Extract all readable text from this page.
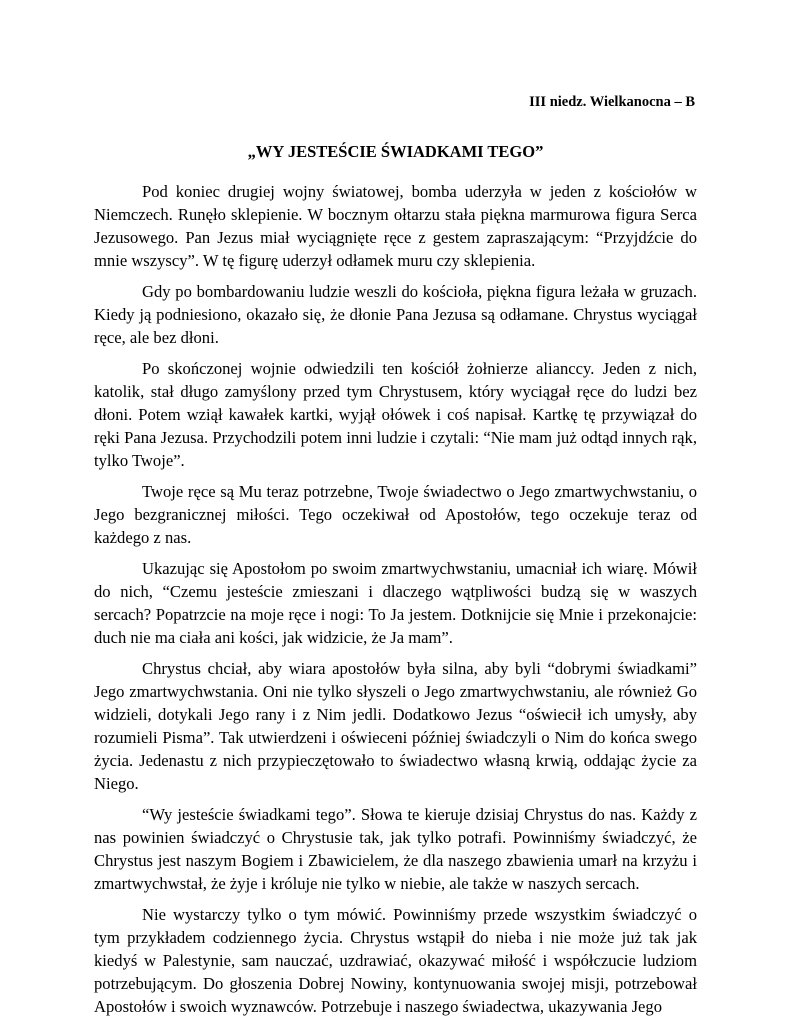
III niedz. Wielkanocna – B
„WY JESTEŚCIE ŚWIADKAMI TEGO”

Pod koniec drugiej wojny światowej, bomba uderzyła w jeden z kościołów w Niemczech. Runęło sklepienie. W bocznym ołtarzu stała piękna marmurowa figura Serca Jezusowego. Pan Jezus miał wyciągnięte ręce z gestem zapraszającym: “Przyjdźcie do mnie wszyscy”. W tę figurę uderzył odłamek muru czy sklepienia.

Gdy po bombardowaniu ludzie weszli do kościoła, piękna figura leżała w gruzach. Kiedy ją podniesiono, okazało się, że dłonie Pana Jezusa są odłamane. Chrystus wyciągał ręce, ale bez dłoni.

Po skończonej wojnie odwiedzili ten kościół żołnierze alianccy. Jeden z nich, katolik, stał długo zamyślony przed tym Chrystusem, który wyciągał ręce do ludzi bez dłoni. Potem wziął kawałek kartki, wyjął ołówek i coś napisał. Kartkę tę przywiązał do ręki Pana Jezusa. Przychodzili potem inni ludzie i czytali: “Nie mam już odtąd innych rąk, tylko Twoje”.

Twoje ręce są Mu teraz potrzebne, Twoje świadectwo o Jego zmartwychwstaniu, o Jego bezgranicznej miłości. Tego oczekiwał od Apostołów, tego oczekuje teraz od każdego z nas.

Ukazując się Apostołom po swoim zmartwychwstaniu, umacniał ich wiarę. Mówił do nich, “Czemu jesteście zmieszani i dlaczego wątpliwości budzą się w waszych sercach? Popatrzcie na moje ręce i nogi: To Ja jestem. Dotknijcie się Mnie i przekonajcie: duch nie ma ciała ani kości, jak widzicie, że Ja mam”.

Chrystus chciał, aby wiara apostołów była silna, aby byli “dobrymi świadkami” Jego zmartwychwstania. Oni nie tylko słyszeli o Jego zmartwychwstaniu, ale również Go widzieli, dotykali Jego rany i z Nim jedli. Dodatkowo Jezus “oświecił ich umysły, aby rozumieli Pisma”. Tak utwierdzeni i oświeceni później świadczyli o Nim do końca swego życia. Jedenastu z nich przypieczętowało to świadectwo własną krwią, oddając życie za Niego.

“Wy jesteście świadkami tego”. Słowa te kieruje dzisiaj Chrystus do nas. Każdy z nas powinien świadczyć o Chrystusie tak, jak tylko potrafi. Powinniśmy świadczyć, że Chrystus jest naszym Bogiem i Zbawicielem, że dla naszego zbawienia umarł na krzyżu i zmartwychwstał, że żyje i króluje nie tylko w niebie, ale także w naszych sercach.

Nie wystarczy tylko o tym mówić. Powinniśmy przede wszystkim świadczyć o tym przykładem codziennego życia. Chrystus wstąpił do nieba i nie może już tak jak kiedyś w Palestynie, sam nauczać, uzdrawiać, okazywać miłość i współczucie ludziom potrzebującym. Do głoszenia Dobrej Nowiny, kontynuowania swojej misji, potrzebował Apostołów i swoich wyznawców. Potrzebuje i naszego świadectwa, ukazywania Jego
